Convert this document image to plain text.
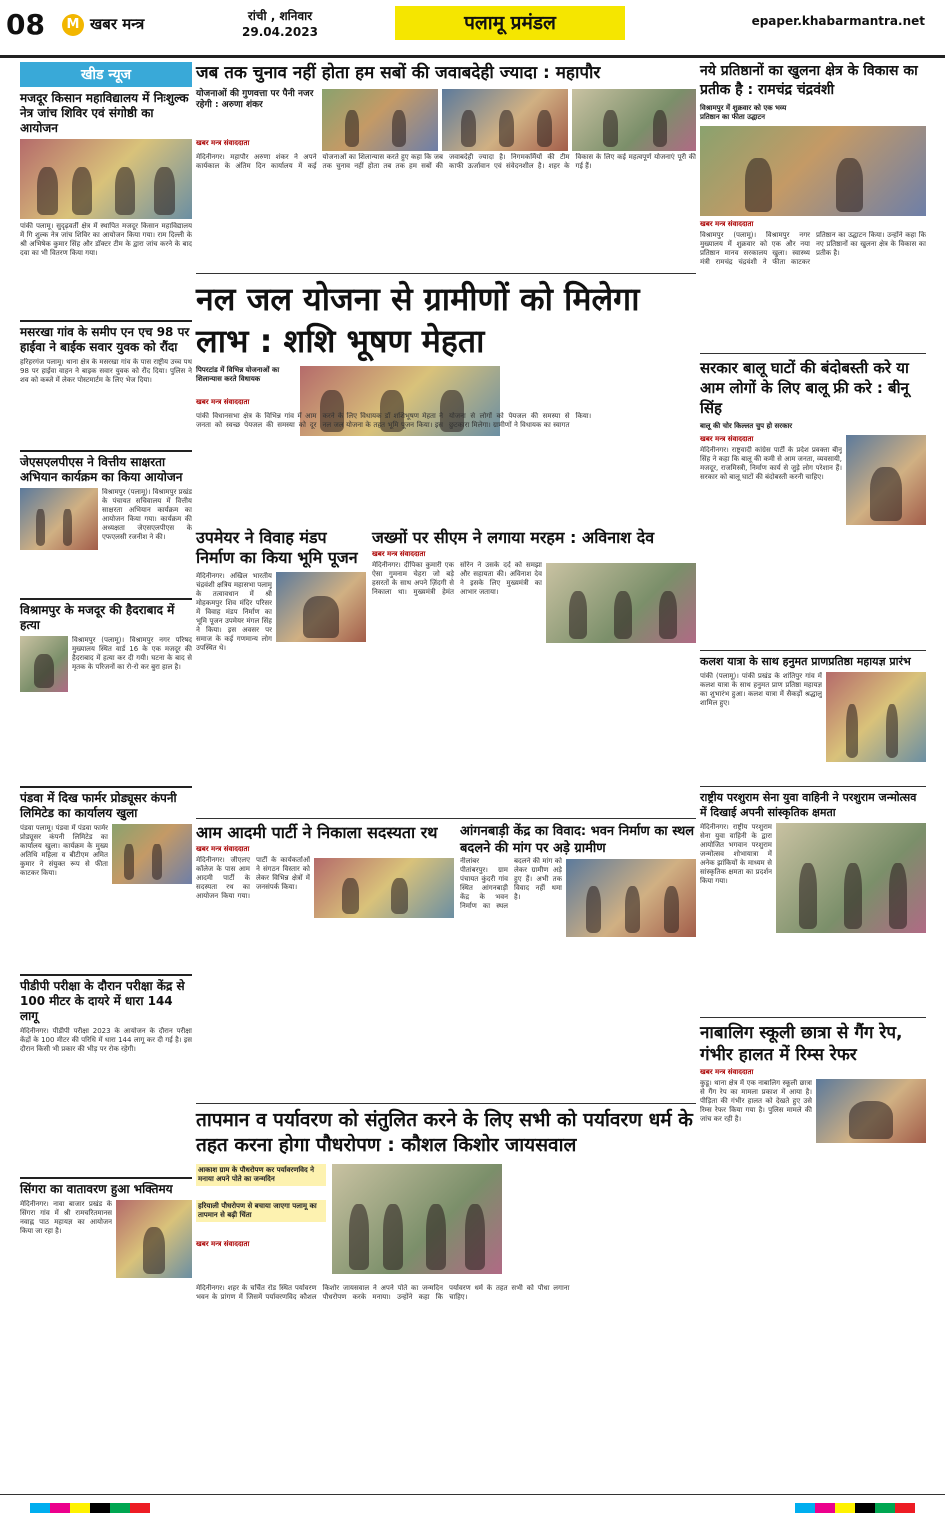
08	M खबर मन्त्र	रांची , शनिवार
29.04.2023	पलामू प्रमंडल	epaper.khabarmantra.net
खीड न्यूज
मजदूर किसान महाविद्यालय में निःशुल्क नेत्र जांच शिविर एवं संगोष्ठी का आयोजन
पांकी पलामू। सुदृढ़वर्ती क्षेत्र में स्थापित मजदूर किसान महाविद्यालय में गि शुल्क नेत्र जांच शिविर का आयोजन किया गया। राम दिल्ली के श्री अभिषेक कुमार सिंह और डॉक्टर टीम के द्वारा जांच करने के बाद दवा का भी वितरण किया गया।
मसरखा गांव के समीप एन एच 98 पर हाईवा ने बाईक सवार युवक को रौंदा
हरिहरगंज पलामू। थाना क्षेत्र के मसरखा गांव के पास राष्ट्रीय उच्च पथ 98 पर हाईवा वाहन ने बाइक सवार युवक को रौंद दिया। पुलिस ने शव को कब्जे में लेकर पोस्टमार्टम के लिए भेज दिया।
जेएसएलपीएस ने वित्तीय साक्षरता अभियान कार्यक्रम का किया आयोजन
विश्रामपुर (पलामू)। विश्रामपुर प्रखंड के पंचायत सचिवालय में वित्तीय साक्षरता अभियान कार्यक्रम का आयोजन किया गया। कार्यक्रम की अध्यक्षता जेएसएलपीएस के एफएलसी रजनीश ने की।
विश्रामपुर के मजदूर की हैदराबाद में हत्या
विश्रामपुर (पलामू)। विश्रामपुर नगर परिषद मुख्यालय स्थित वार्ड 16 के एक मजदूर की हैदराबाद में हत्या कर दी गयी। घटना के बाद से मृतक के परिजनों का रो-रो कर बुरा हाल है।
पंडवा में दिख फार्मर प्रोड्यूसर कंपनी लिमिटेड का कार्यालय खुला
पंडवा पलामू। पंडवा में पंडवा फार्मर प्रोड्यूसर कंपनी लिमिटेड का कार्यालय खुला। कार्यक्रम के मुख्य अतिथि महिला व बीटीएम अमित कुमार ने संयुक्त रूप से फीता काटकर किया।
पीडीपी परीक्षा के दौरान परीक्षा केंद्र से 100 मीटर के दायरे में धारा 144 लागू
मेदिनीनगर। पीडीपी परीक्षा 2023 के आयोजन के दौरान परीक्षा केंद्रों के 100 मीटर की परिधि में धारा 144 लागू कर दी गई है। इस दौरान किसी भी प्रकार की भीड़ पर रोक रहेगी।
सिंगरा का वातावरण हुआ भक्तिमय
मेदिनीनगर। नावा बाजार प्रखंड के सिंगरा गांव में श्री रामचरितमानस नवाह्न पाठ महायज्ञ का आयोजन किया जा रहा है।
जब तक चुनाव नहीं होता हम सबों की जवाबदेही ज्यादा : महापौर
योजनाओं की गुणवत्ता पर पैनी नजर रहेगी : अरुणा शंकर
खबर मन्त्र संवाददाता
मेदिनीनगर। महापौर अरुणा शंकर ने अपने कार्यकाल के अंतिम दिन कार्यालय में कई योजनाओं का शिलान्यास करते हुए कहा कि जब तक चुनाव नहीं होता तब तक हम सबों की जवाबदेही ज्यादा है। निगमकर्मियों की टीम काफी ऊर्जावान एवं संवेदनशील है। शहर के विकास के लिए कई महत्वपूर्ण योजनाएं पूरी की गई हैं।
नल जल योजना से ग्रामीणों को मिलेगा लाभ : शशि भूषण मेहता
पिपरटांड में विभिन्न योजनाओं का शिलान्यास करते विधायक
खबर मन्त्र संवाददाता
पांकी विधानसभा क्षेत्र के विभिन्न गांव में आम जनता को स्वच्छ पेयजल की समस्या को दूर करने के लिए विधायक डॉ शशिभूषण मेहता ने नल जल योजना के तहत भूमि पूजन किया। इस योजना से लोगों को पेयजल की समस्या से छुटकारा मिलेगा। ग्रामीणों ने विधायक का स्वागत किया।
उपमेयर ने विवाह मंडप निर्माण का किया भूमि पूजन
मेदिनीनगर। अखिल भारतीय चंद्रवंशी क्षत्रिय महासभा पलामू के तत्वावधान में श्री मोहकमपुर शिव मंदिर परिसर में विवाह मंडप निर्माण का भूमि पूजन उपमेयर मंगल सिंह ने किया। इस अवसर पर समाज के कई गणमान्य लोग उपस्थित थे।
जख्मों पर सीएम ने लगाया मरहम : अविनाश देव
खबर मन्त्र संवाददाता
मेदिनीनगर। दीपिका कुमारी एक ऐसा गुमनाम चेहरा जो बड़े हसरतों के साथ अपने ज़िंदगी से निकाला था। मुख्यमंत्री हेमंत सोरेन ने उसके दर्द को समझा और सहायता की। अविनाश देव ने इसके लिए मुख्यमंत्री का आभार जताया।
आम आदमी पार्टी ने निकाला सदस्यता रथ
खबर मन्त्र संवाददाता
मेदिनीनगर। जीएलए कॉलेज के पास आम आदमी पार्टी के सदस्यता रथ का आयोजन किया गया। पार्टी के कार्यकर्ताओं ने संगठन विस्तार को लेकर विभिन्न क्षेत्रों में जनसंपर्क किया।
आंगनबाड़ी केंद्र का विवाद: भवन निर्माण का स्थल बदलने की मांग पर अड़े ग्रामीण
नीलांबर पीतांबरपुर। ग्राम पंचायत कुंदरी गांव स्थित आंगनबाड़ी केंद्र के भवन निर्माण का स्थल बदलने की मांग को लेकर ग्रामीण अड़े हुए हैं। अभी तक विवाद नहीं थमा है।
तापमान व पर्यावरण को संतुलित करने के लिए सभी को पर्यावरण धर्म के तहत करना होगा पौधरोपण : कौशल किशोर जायसवाल
आकाश ग्राम के पौधरोपण कर पर्यावरणविद ने मनाया अपने पोते का जन्मदिन
हरियाली पौधरोपण से बचाया जाएगा पलामू का तापमान से बढ़ी चिंता
खबर मन्त्र संवाददाता
मेदिनीनगर। शहर के चर्चित रोड स्थित पर्यावरण भवन के प्रांगण में जिसमें पर्यावरणविद कौशल किशोर जायसवाल ने अपने पोते का जन्मदिन पौधरोपण करके मनाया। उन्होंने कहा कि पर्यावरण धर्म के तहत सभी को पौधा लगाना चाहिए।
नये प्रतिष्ठानों का खुलना क्षेत्र के विकास का प्रतीक है : रामचंद्र चंद्रवंशी
विश्रामपुर में शुक्रवार को एक भव्य प्रतिष्ठान का फीता उद्घाटन
खबर मन्त्र संवाददाता
विश्रामपुर (पलामू)। विश्रामपुर नगर मुख्यालय में शुक्रवार को एक और नया प्रतिष्ठान मानव सरकालय खुला। स्वास्थ्य मंत्री रामचंद्र चंद्रवंशी ने फीता काटकर प्रतिष्ठान का उद्घाटन किया। उन्होंने कहा कि नए प्रतिष्ठानों का खुलना क्षेत्र के विकास का प्रतीक है।
सरकार बालू घाटों की बंदोबस्ती करे या आम लोगों के लिए बालू फ्री करे : बीनू सिंह
बालू की चोर किल्लत चुप हो सरकार
खबर मन्त्र संवाददाता
मेदिनीनगर। राष्ट्रवादी कांग्रेस पार्टी के प्रदेश प्रवक्ता बीनू सिंह ने कहा कि बालू की कमी से आम जनता, व्यवसायी, मजदूर, राजमिस्त्री, निर्माण कार्य से जुड़े लोग परेशान हैं। सरकार को बालू घाटों की बंदोबस्ती करनी चाहिए।
कलश यात्रा के साथ हनुमत प्राणप्रतिष्ठा महायज्ञ प्रारंभ
पांकी (पलामू)। पांकी प्रखंड के शांतिपुर गांव में कलश यात्रा के साथ हनुमत प्राण प्रतिष्ठा महायज्ञ का शुभारंभ हुआ। कलश यात्रा में सैकड़ों श्रद्धालु शामिल हुए।
राष्ट्रीय परशुराम सेना युवा वाहिनी ने परशुराम जन्मोत्सव में दिखाई अपनी सांस्कृतिक क्षमता
मेदिनीनगर। राष्ट्रीय परशुराम सेना युवा वाहिनी के द्वारा आयोजित भगवान परशुराम जन्मोत्सव शोभायात्रा में अनेक झांकियों के माध्यम से सांस्कृतिक क्षमता का प्रदर्शन किया गया।
नाबालिग स्कूली छात्रा से गैंग रेप, गंभीर हालत में रिम्स रेफर
खबर मन्त्र संवाददाता
कुडू। थाना क्षेत्र में एक नाबालिग स्कूली छात्रा से गैंग रेप का मामला प्रकाश में आया है। पीड़िता की गंभीर हालत को देखते हुए उसे रिम्स रेफर किया गया है। पुलिस मामले की जांच कर रही है।
